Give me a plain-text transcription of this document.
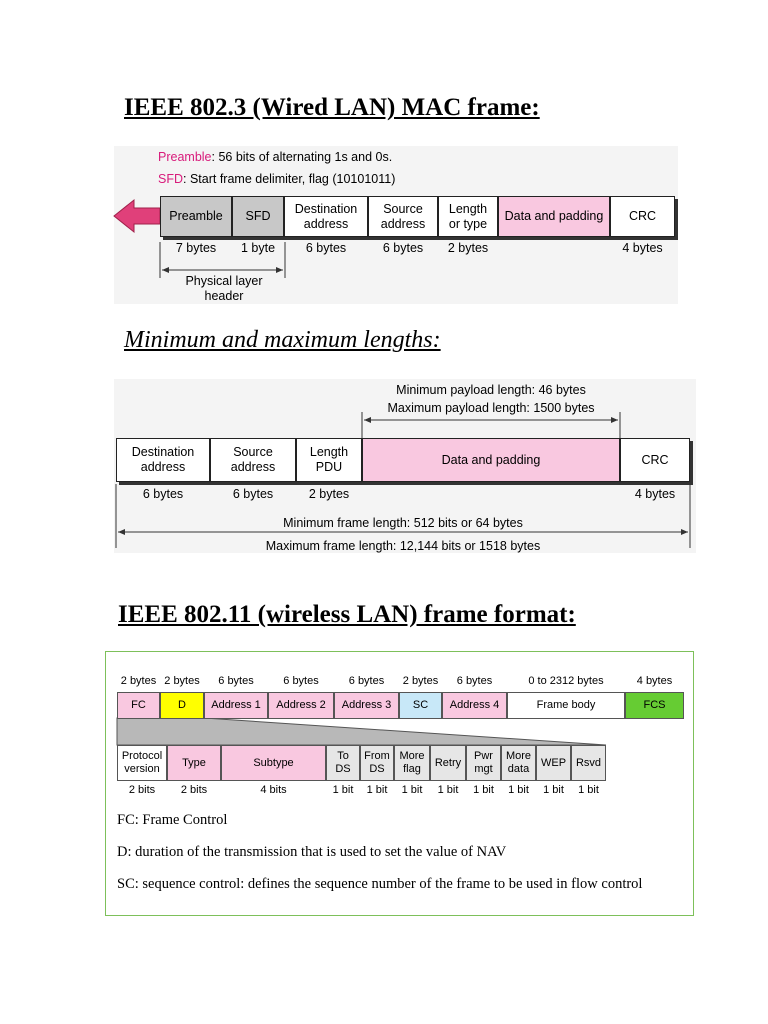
IEEE 802.3 (Wired LAN) MAC frame:
Preamble: 56 bits of alternating 1s and 0s.
SFD: Start frame delimiter, flag (10101011)
Preamble
7 bytes
SFD
1 byte
Destination
address
6 bytes
Source
address
6 bytes
Length
or type
2 bytes
Data and padding CRC
4 bytes
Physical layer
header
Minimum and maximum lengths:
Minimum payload length: 46 bytes
Maximum payload length: 1500 bytes
Destination
address
6 bytes
Source
address
6 bytes
Length
PDU
2 bytes
Data and padding	CRC
4 bytes
Minimum frame length: 512 bits or 64 bytes
Maximum frame length: 12,144 bits or 1518 bytes
IEEE 802.11 (wireless LAN) frame format:
FC
2 bytes
D
2 bytes
Address 1
6 bytes
Address 2
6 bytes
Address 3
6 bytes
SC
2 bytes
Address 4
6 bytes
Frame body
0 to 2312 bytes
FCS
4 bytes
Protocol
version
2 bits
Type
2 bits
Subtype
4 bits
To
DS
1 bit
From
DS
1 bit
More
flag
1 bit
Retry
1 bit
Pwr
mgt
1 bit
More
data
1 bit
WEP
1 bit
Rsvd
1 bit
FC: Frame Control
D: duration of the transmission that is used to set the value of NAV
SC: sequence control: defines the sequence number of the frame to be used in flow control
